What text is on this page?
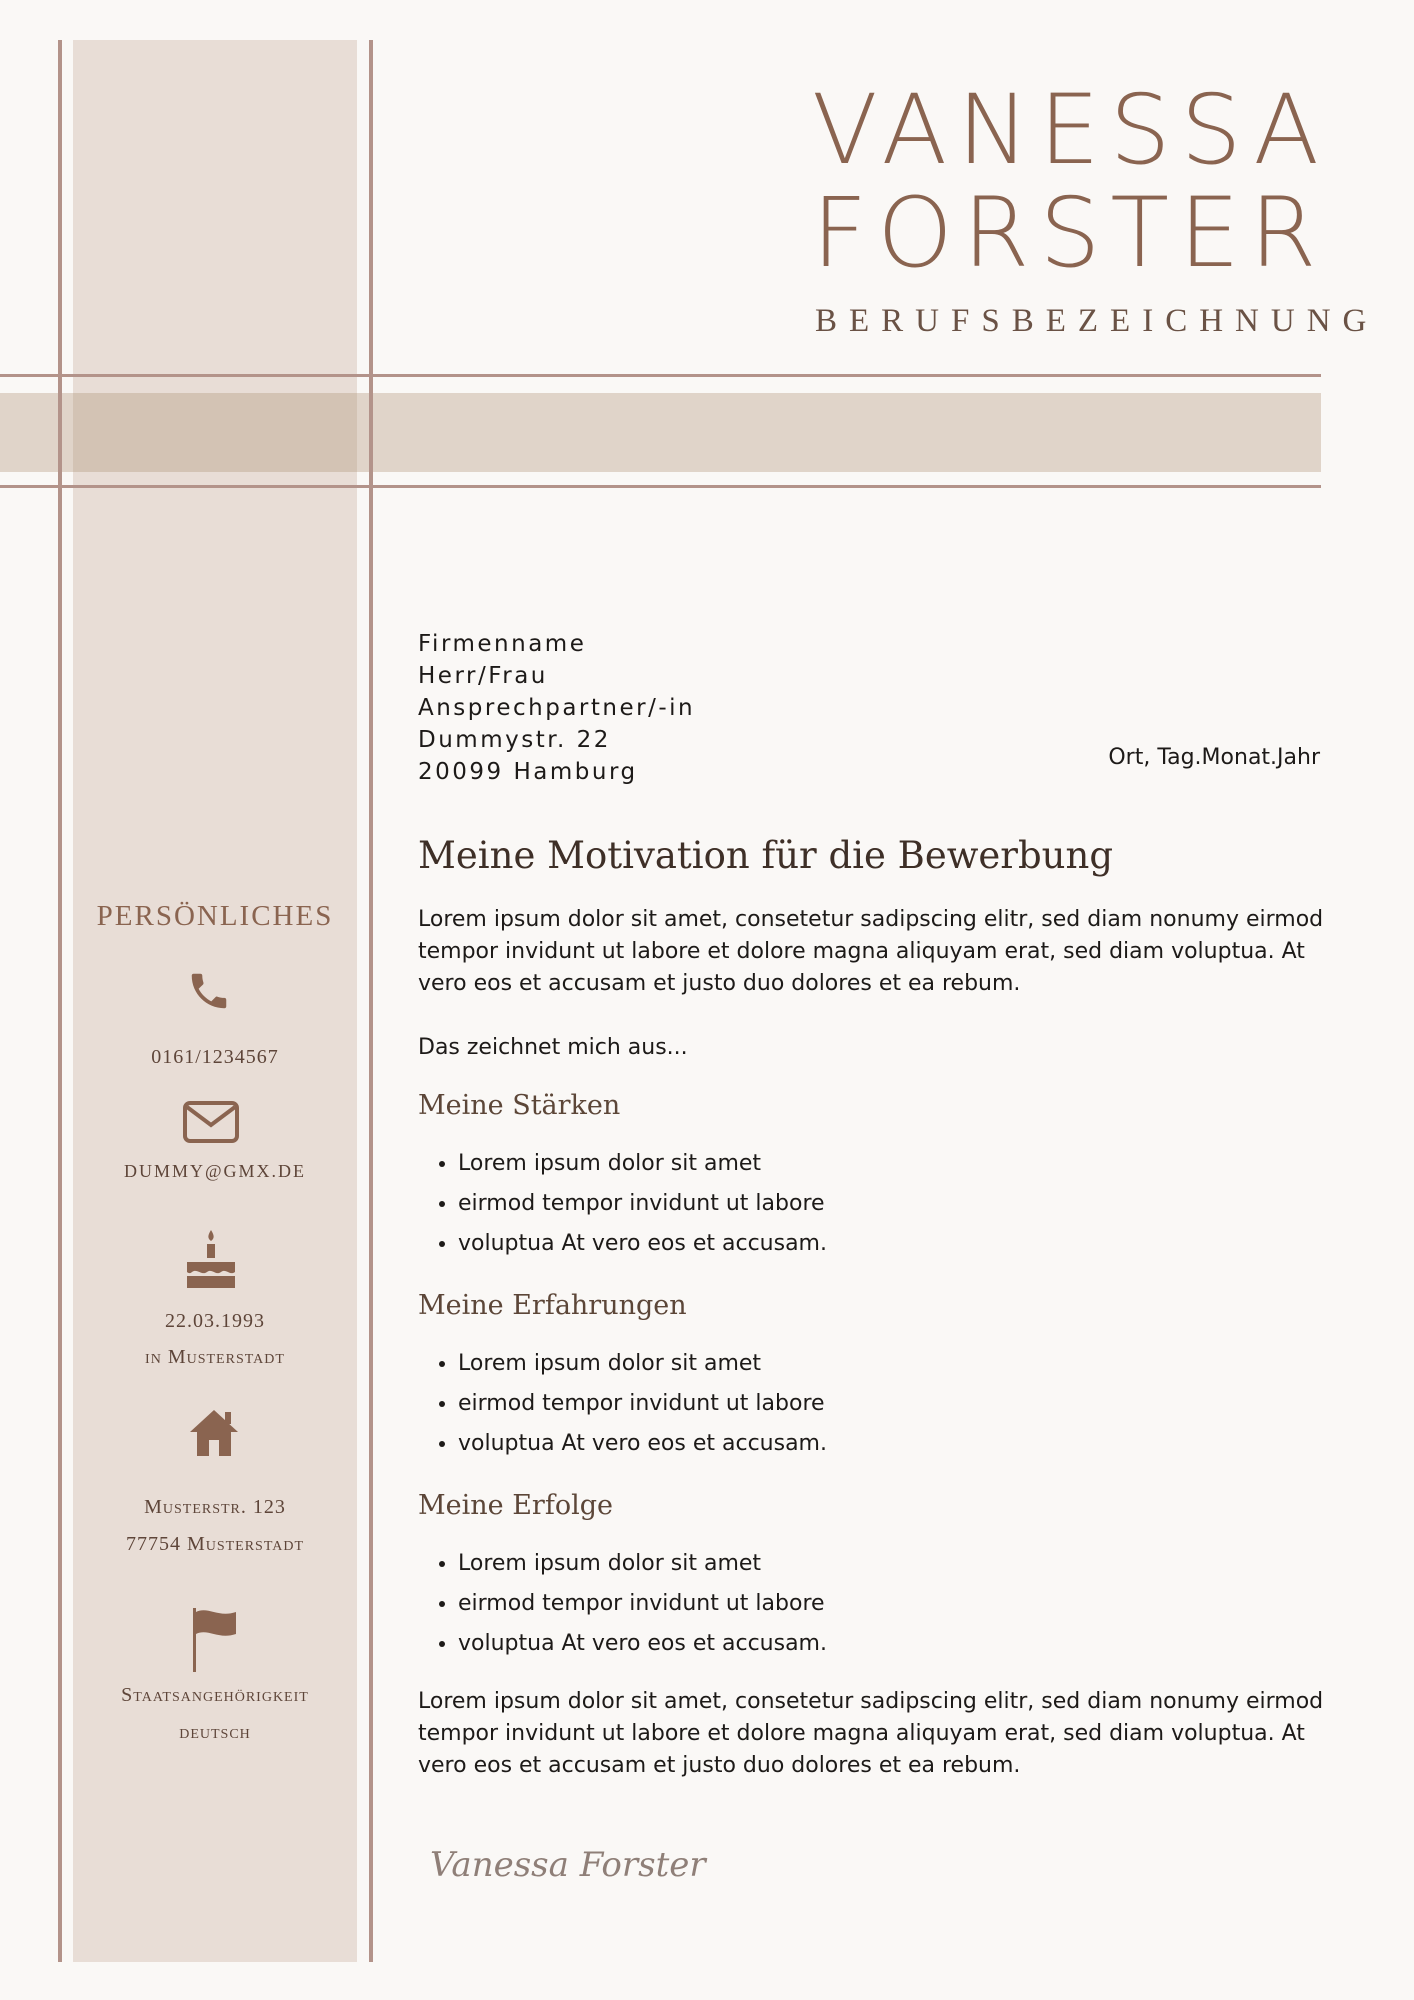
VANESSA
FORSTER
BERUFSBEZEICHNUNG
Firmenname
Herr/Frau
Ansprechpartner/-in
Dummystr. 22
20099 Hamburg
Ort, Tag.Monat.Jahr
Meine Motivation für die Bewerbung

Lorem ipsum dolor sit amet, consetetur sadipscing elitr, sed diam nonumy eirmod tempor invidunt ut labore et dolore magna aliquyam erat, sed diam voluptua. At vero eos et accusam et justo duo dolores et ea rebum.

Das zeichnet mich aus...

Meine Stärken
• Lorem ipsum dolor sit amet
• eirmod tempor invidunt ut labore
• voluptua At vero eos et accusam.
Meine Erfahrungen
• Lorem ipsum dolor sit amet
• eirmod tempor invidunt ut labore
• voluptua At vero eos et accusam.
Meine Erfolge
• Lorem ipsum dolor sit amet
• eirmod tempor invidunt ut labore
• voluptua At vero eos et accusam.

Lorem ipsum dolor sit amet, consetetur sadipscing elitr, sed diam nonumy eirmod tempor invidunt ut labore et dolore magna aliquyam erat, sed diam voluptua. At vero eos et accusam et justo duo dolores et ea rebum.

Vanessa Forster
PERSÖNLICHES
0161/1234567
DUMMY@GMX.DE
22.03.1993
in Musterstadt
Musterstr. 123
77754 Musterstadt
Staatsangehörigkeit
deutsch
